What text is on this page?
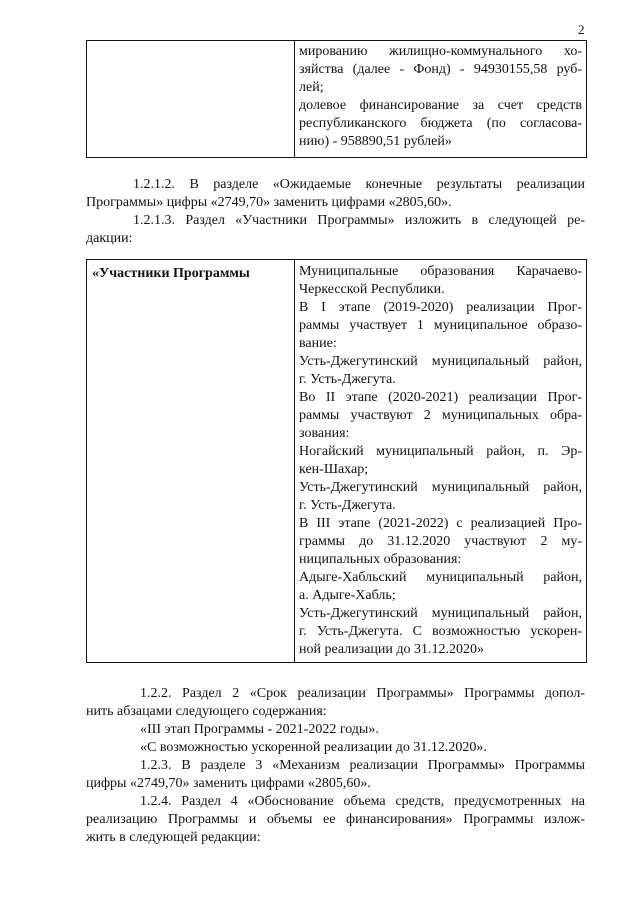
2
мированию жилищно-коммунального хо-
зяйства (далее - Фонд) - 94930155,58 руб-
лей;
долевое финансирование за счет средств
республиканского бюджета (по согласова-
нию) - 958890,51 рублей»
1.2.1.2. В разделе «Ожидаемые конечные результаты реализации
Программы» цифры «2749,70» заменить цифрами «2805,60».
1.2.1.3. Раздел «Участники Программы» изложить в следующей ре-
дакции:
«Участники Программы	Муниципальные образования Карачаево-
Черкесской Республики.
В I этапе (2019-2020) реализации Прог-
раммы участвует 1 муниципальное образо-
вание:
Усть-Джегутинский муниципальный район,
г. Усть-Джегута.
Во II этапе (2020-2021) реализации Прог-
раммы участвуют 2 муниципальных обра-
зования:
Ногайский муниципальный район, п. Эр-
кен-Шахар;
Усть-Джегутинский муниципальный район,
г. Усть-Джегута.
В III этапе (2021-2022) с реализацией Про-
граммы до 31.12.2020 участвуют 2 му-
ниципальных образования:
Адыге-Хабльский муниципальный район,
а. Адыге-Хабль;
Усть-Джегутинский муниципальный район,
г. Усть-Джегута. С возможностью ускорен-
ной реализации до 31.12.2020»
1.2.2. Раздел 2 «Срок реализации Программы» Программы допол-
нить абзацами следующего содержания:
«III этап Программы - 2021-2022 годы».
«С возможностью ускоренной реализации до 31.12.2020».
1.2.3. В разделе 3 «Механизм реализации Программы» Программы
цифры «2749,70» заменить цифрами «2805,60».
1.2.4. Раздел 4 «Обоснование объема средств, предусмотренных на
реализацию Программы и объемы ее финансирования» Программы излож-
жить в следующей редакции:
